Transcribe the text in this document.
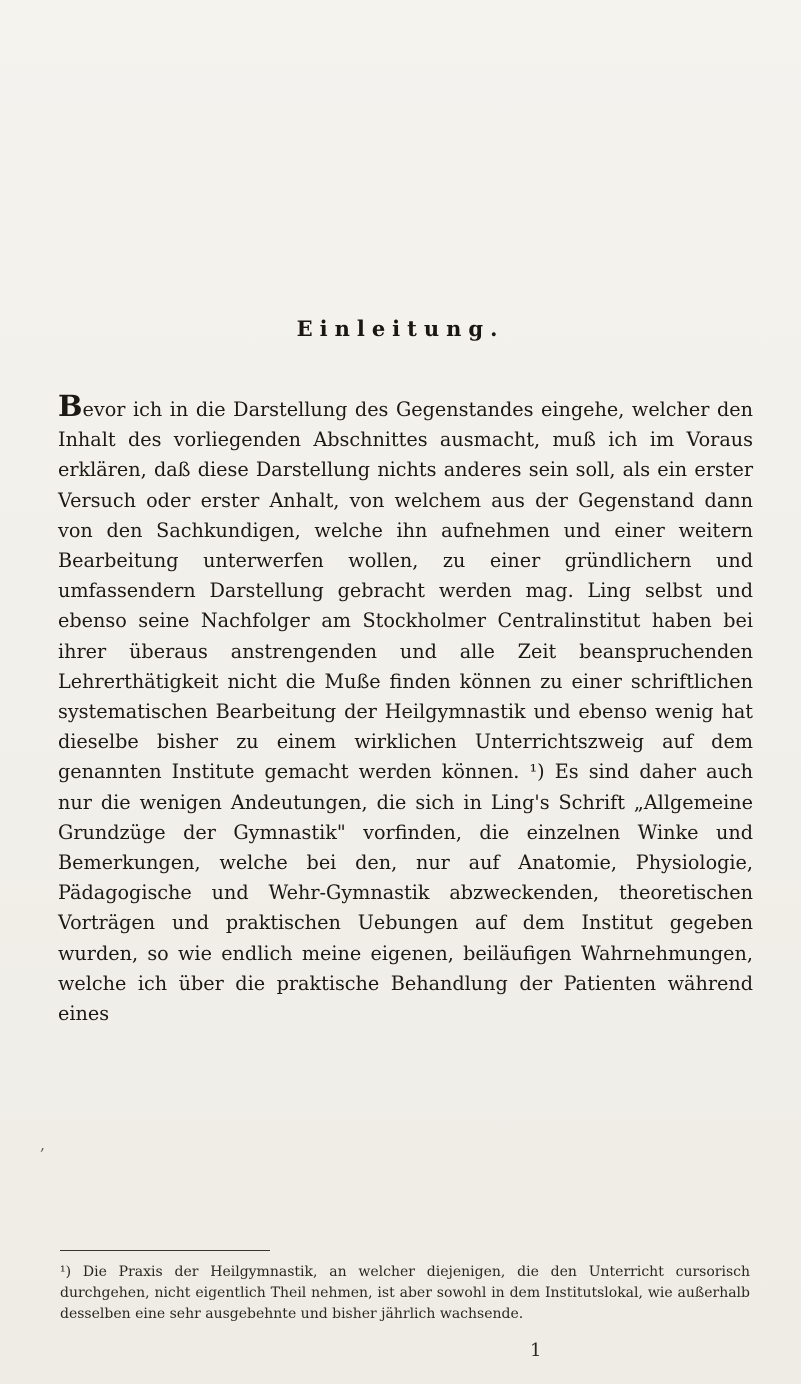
Einleitung.

Bevor ich in die Darstellung des Gegenstandes eingehe, welcher den Inhalt des vorliegenden Abschnittes ausmacht, muß ich im Voraus erklären, daß diese Darstellung nichts anderes sein soll, als ein erster Versuch oder erster Anhalt, von welchem aus der Gegenstand dann von den Sachkundigen, welche ihn aufnehmen und einer weitern Bearbeitung unterwerfen wollen, zu einer gründlichern und umfassendern Darstellung gebracht werden mag. Ling selbst und ebenso seine Nachfolger am Stockholmer Centralinstitut haben bei ihrer überaus anstrengenden und alle Zeit beanspruchenden Lehrerthätigkeit nicht die Muße finden können zu einer schriftlichen systematischen Bearbeitung der Heilgymnastik und ebenso wenig hat dieselbe bisher zu einem wirklichen Unterrichtszweig auf dem genannten Institute gemacht werden können. ¹) Es sind daher auch nur die wenigen Andeutungen, die sich in Ling's Schrift „Allgemeine Grundzüge der Gymnastik" vorfinden, die einzelnen Winke und Bemerkungen, welche bei den, nur auf Anatomie, Physiologie, Pädagogische und Wehr-Gymnastik abzweckenden, theoretischen Vorträgen und praktischen Uebungen auf dem Institut gegeben wurden, so wie endlich meine eigenen, beiläufigen Wahrnehmungen, welche ich über die praktische Behandlung der Patienten während eines

,

¹) Die Praxis der Heilgymnastik, an welcher diejenigen, die den Unterricht cursorisch durchgehen, nicht eigentlich Theil nehmen, ist aber sowohl in dem Institutslokal, wie außerhalb desselben eine sehr ausgebehnte und bisher jährlich wachsende.

1
